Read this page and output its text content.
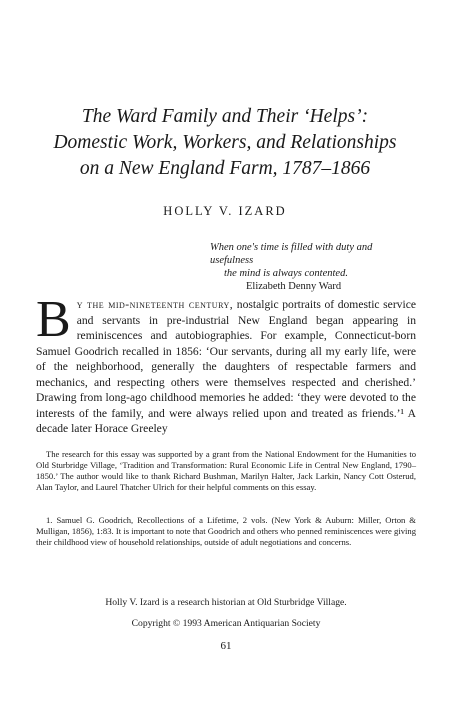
The Ward Family and Their ‘Helps’:
Domestic Work, Workers, and Relationships
on a New England Farm, 1787–1866

HOLLY V. IZARD

When one's time is filled with duty and usefulness
the mind is always contented.
Elizabeth Denny Ward
By the mid-nineteenth century, nostalgic portraits of domestic service and servants in pre-industrial New England began appearing in reminiscences and autobiographies. For example, Connecticut-born Samuel Goodrich recalled in 1856: ‘Our servants, during all my early life, were of the neighborhood, generally the daughters of respectable farmers and mechanics, and respecting others were themselves respected and cherished.’ Drawing from long-ago childhood memories he added: ‘they were devoted to the interests of the family, and were always relied upon and treated as friends.’¹ A decade later Horace Greeley
The research for this essay was supported by a grant from the National Endowment for the Humanities to Old Sturbridge Village, ‘Tradition and Transformation: Rural Economic Life in Central New England, 1790–1850.’ The author would like to thank Richard Bushman, Marilyn Halter, Jack Larkin, Nancy Cott Osterud, Alan Taylor, and Laurel Thatcher Ulrich for their helpful comments on this essay.
1. Samuel G. Goodrich, Recollections of a Lifetime, 2 vols. (New York & Auburn: Miller, Orton & Mulligan, 1856), 1:83. It is important to note that Goodrich and others who penned reminiscences were giving their childhood view of household relationships, outside of adult negotiations and concerns.
Holly V. Izard is a research historian at Old Sturbridge Village.
Copyright © 1993 American Antiquarian Society
61
